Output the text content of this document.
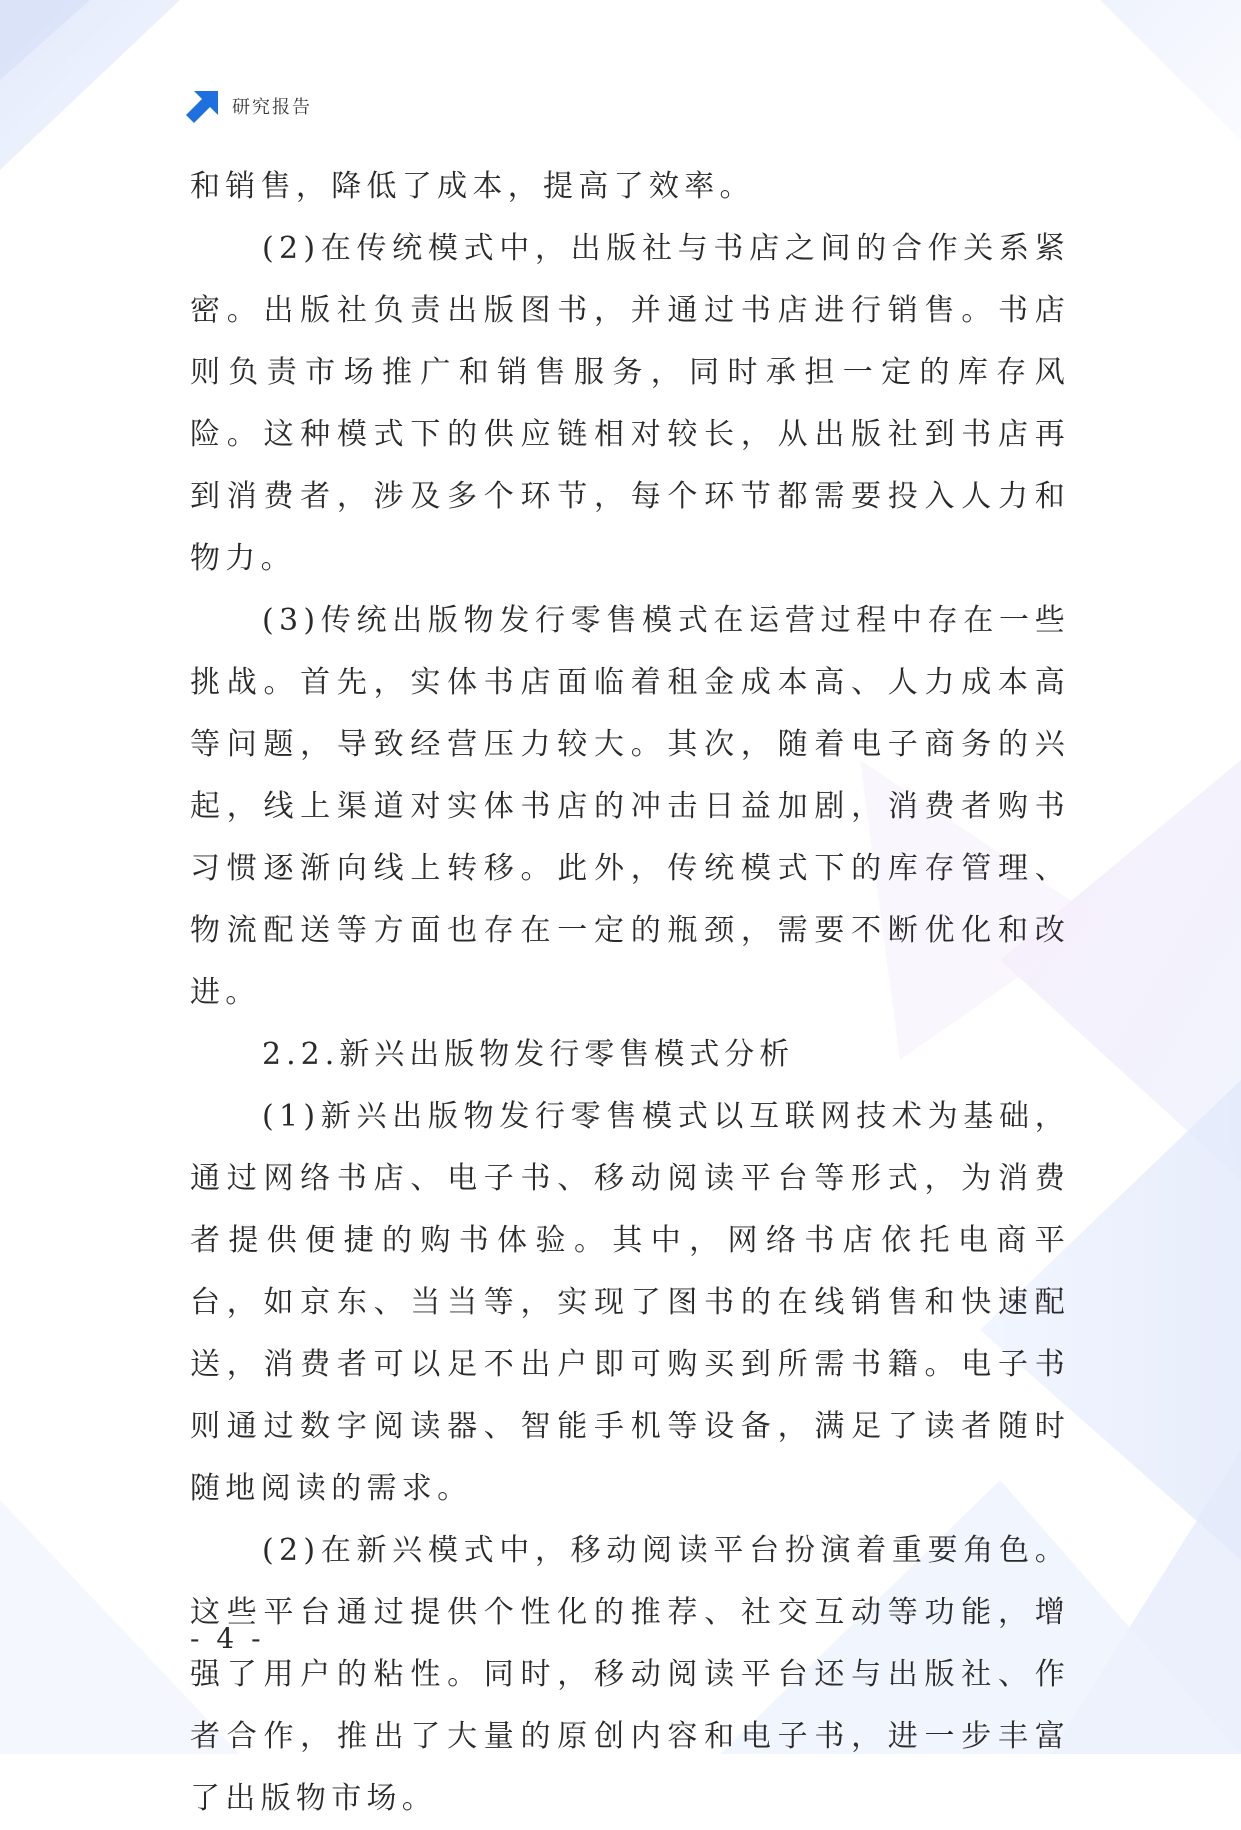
研究报告

和销售，降低了成本，提高了效率。

(2)在传统模式中，出版社与书店之间的合作关系紧密。出版社负责出版图书，并通过书店进行销售。书店则负责市场推广和销售服务，同时承担一定的库存风险。这种模式下的供应链相对较长，从出版社到书店再到消费者，涉及多个环节，每个环节都需要投入人力和物力。

(3)传统出版物发行零售模式在运营过程中存在一些挑战。首先，实体书店面临着租金成本高、人力成本高等问题，导致经营压力较大。其次，随着电子商务的兴起，线上渠道对实体书店的冲击日益加剧，消费者购书习惯逐渐向线上转移。此外，传统模式下的库存管理、物流配送等方面也存在一定的瓶颈，需要不断优化和改进。

2.2.新兴出版物发行零售模式分析

(1)新兴出版物发行零售模式以互联网技术为基础，通过网络书店、电子书、移动阅读平台等形式，为消费者提供便捷的购书体验。其中，网络书店依托电商平台，如京东、当当等，实现了图书的在线销售和快速配送，消费者可以足不出户即可购买到所需书籍。电子书则通过数字阅读器、智能手机等设备，满足了读者随时随地阅读的需求。

(2)在新兴模式中，移动阅读平台扮演着重要角色。这些平台通过提供个性化的推荐、社交互动等功能，增强了用户的粘性。同时，移动阅读平台还与出版社、作者合作，推出了大量的原创内容和电子书，进一步丰富了出版物市场。

- 4 -
